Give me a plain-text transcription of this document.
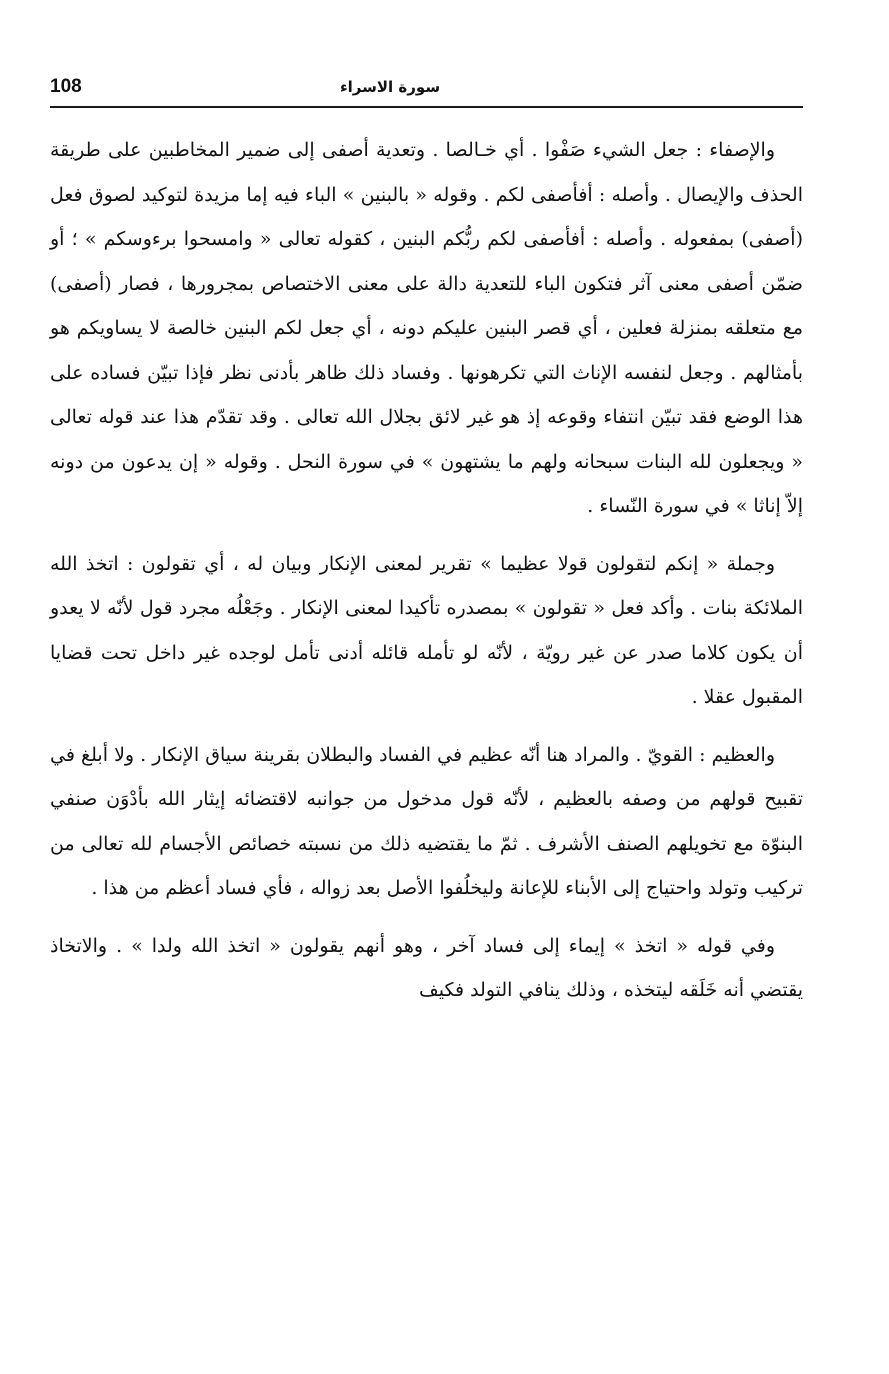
108	سورة الاسراء

والإصفاء : جعل الشيء صَفْوا . أي خـالصا . وتعدية أصفى إلى ضمير المخاطبين على طريقة الحذف والإيصال . وأصله : أفأصفى لكم . وقوله « بالبنين » الباء فيه إما مزيدة لتوكيد لصوق فعل (أصفى) بمفعوله . وأصله : أفأصفى لكم ربُّكم البنين ، كقوله تعالى « وامسحوا برءوسكم » ؛ أو ضمّن أصفى معنى آثر فتكون الباء للتعدية دالة على معنى الاختصاص بمجرورها ، فصار (أصفى) مع متعلقه بمنزلة فعلين ، أي قصر البنين عليكم دونه ، أي جعل لكم البنين خالصة لا يساويكم هو بأمثالهم . وجعل لنفسه الإناث التي تكرهونها . وفساد ذلك ظاهر بأدنى نظر فإذا تبيّن فساده على هذا الوضع فقد تبيّن انتفاء وقوعه إذ هو غير لائق بجلال الله تعالى . وقد تقدّم هذا عند قوله تعالى « ويجعلون لله البنات سبحانه ولهم ما يشتهون » في سورة النحل . وقوله « إن يدعون من دونه إلاّ إناثا » في سورة النّساء .

وجملة « إنكم لتقولون قولا عظيما » تقرير لمعنى الإنكار وبيان له ، أي تقولون : اتخذ الله الملائكة بنات . وأكد فعل « تقولون » بمصدره تأكيدا لمعنى الإنكار . وجَعْلُه مجرد قول لأنّه لا يعدو أن يكون كلاما صدر عن غير رويّة ، لأنّه لو تأمله قائله أدنى تأمل لوجده غير داخل تحت قضايا المقبول عقلا .

والعظيم : القويّ . والمراد هنا أنّه عظيم في الفساد والبطلان بقرينة سياق الإنكار . ولا أبلغ في تقبيح قولهم من وصفه بالعظيم ، لأنّه قول مدخول من جوانبه لاقتضائه إيثار الله بأدْوَن صنفي البنوّة مع تخويلهم الصنف الأشرف . ثمّ ما يقتضيه ذلك من نسبته خصائص الأجسام لله تعالى من تركيب وتولد واحتياج إلى الأبناء للإعانة وليخلُفوا الأصل بعد زواله ، فأي فساد أعظم من هذا .

وفي قوله « اتخذ » إيماء إلى فساد آخر ، وهو أنهم يقولون « اتخذ الله ولدا » . والاتخاذ يقتضي أنه خَلَقه ليتخذه ، وذلك ينافي التولد فكيف
